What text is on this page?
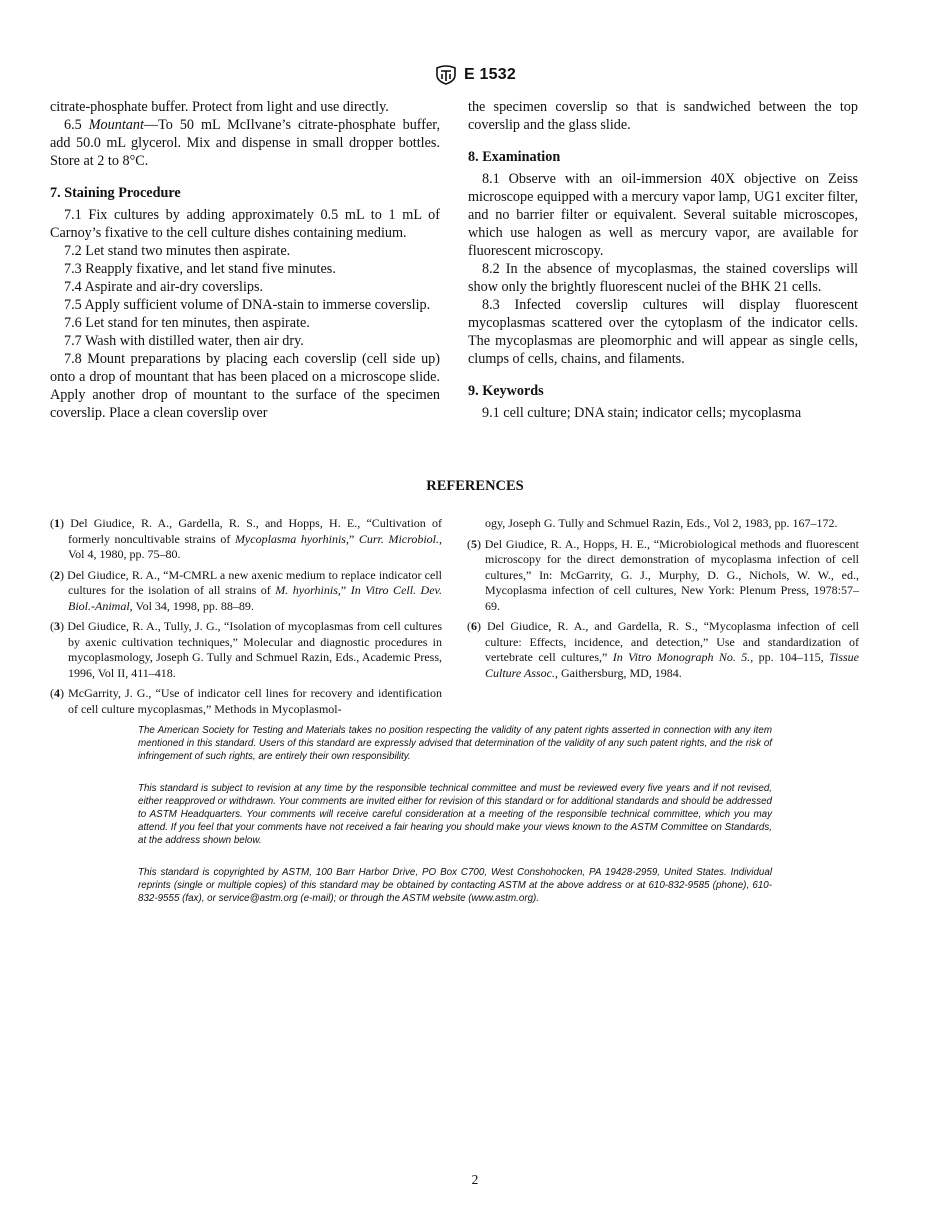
E 1532

citrate-phosphate buffer. Protect from light and use directly.

6.5 Mountant—To 50 mL McIlvane’s citrate-phosphate buffer, add 50.0 mL glycerol. Mix and dispense in small dropper bottles. Store at 2 to 8°C.

7. Staining Procedure

7.1 Fix cultures by adding approximately 0.5 mL to 1 mL of Carnoy’s fixative to the cell culture dishes containing medium.

7.2 Let stand two minutes then aspirate.

7.3 Reapply fixative, and let stand five minutes.

7.4 Aspirate and air-dry coverslips.

7.5 Apply sufficient volume of DNA-stain to immerse coverslip.

7.6 Let stand for ten minutes, then aspirate.

7.7 Wash with distilled water, then air dry.

7.8 Mount preparations by placing each coverslip (cell side up) onto a drop of mountant that has been placed on a microscope slide. Apply another drop of mountant to the surface of the specimen coverslip. Place a clean coverslip over

the specimen coverslip so that is sandwiched between the top coverslip and the glass slide.

8. Examination

8.1 Observe with an oil-immersion 40X objective on Zeiss microscope equipped with a mercury vapor lamp, UG1 exciter filter, and no barrier filter or equivalent. Several suitable microscopes, which use halogen as well as mercury vapor, are available for fluorescent microscopy.

8.2 In the absence of mycoplasmas, the stained coverslips will show only the brightly fluorescent nuclei of the BHK 21 cells.

8.3 Infected coverslip cultures will display fluorescent mycoplasmas scattered over the cytoplasm of the indicator cells. The mycoplasmas are pleomorphic and will appear as single cells, clumps of cells, chains, and filaments.

9. Keywords

9.1 cell culture; DNA stain; indicator cells; mycoplasma

REFERENCES

(1) Del Giudice, R. A., Gardella, R. S., and Hopps, H. E., “Cultivation of formerly noncultivable strains of Mycoplasma hyorhinis,” Curr. Microbiol., Vol 4, 1980, pp. 75–80.

(2) Del Giudice, R. A., “M-CMRL a new axenic medium to replace indicator cell cultures for the isolation of all strains of M. hyorhinis,” In Vitro Cell. Dev. Biol.-Animal, Vol 34, 1998, pp. 88–89.

(3) Del Giudice, R. A., Tully, J. G., “Isolation of mycoplasmas from cell cultures by axenic cultivation techniques,” Molecular and diagnostic procedures in mycoplasmology, Joseph G. Tully and Schmuel Razin, Eds., Academic Press, 1996, Vol II, 411–418.

(4) McGarrity, J. G., “Use of indicator cell lines for recovery and identification of cell culture mycoplasmas,” Methods in Mycoplasmol-

ogy, Joseph G. Tully and Schmuel Razin, Eds., Vol 2, 1983, pp. 167–172.

(5) Del Giudice, R. A., Hopps, H. E., “Microbiological methods and fluorescent microscopy for the direct demonstration of mycoplasma infection of cell cultures,” In: McGarrity, G. J., Murphy, D. G., Nichols, W. W., ed., Mycoplasma infection of cell cultures, New York: Plenum Press, 1978:57–69.

(6) Del Giudice, R. A., and Gardella, R. S., “Mycoplasma infection of cell culture: Effects, incidence, and detection,” Use and standardization of vertebrate cell cultures,” In Vitro Monograph No. 5., pp. 104–115, Tissue Culture Assoc., Gaithersburg, MD, 1984.

The American Society for Testing and Materials takes no position respecting the validity of any patent rights asserted in connection with any item mentioned in this standard. Users of this standard are expressly advised that determination of the validity of any such patent rights, and the risk of infringement of such rights, are entirely their own responsibility.

This standard is subject to revision at any time by the responsible technical committee and must be reviewed every five years and if not revised, either reapproved or withdrawn. Your comments are invited either for revision of this standard or for additional standards and should be addressed to ASTM Headquarters. Your comments will receive careful consideration at a meeting of the responsible technical committee, which you may attend. If you feel that your comments have not received a fair hearing you should make your views known to the ASTM Committee on Standards, at the address shown below.

This standard is copyrighted by ASTM, 100 Barr Harbor Drive, PO Box C700, West Conshohocken, PA 19428-2959, United States. Individual reprints (single or multiple copies) of this standard may be obtained by contacting ASTM at the above address or at 610-832-9585 (phone), 610-832-9555 (fax), or service@astm.org (e-mail); or through the ASTM website (www.astm.org).

2
